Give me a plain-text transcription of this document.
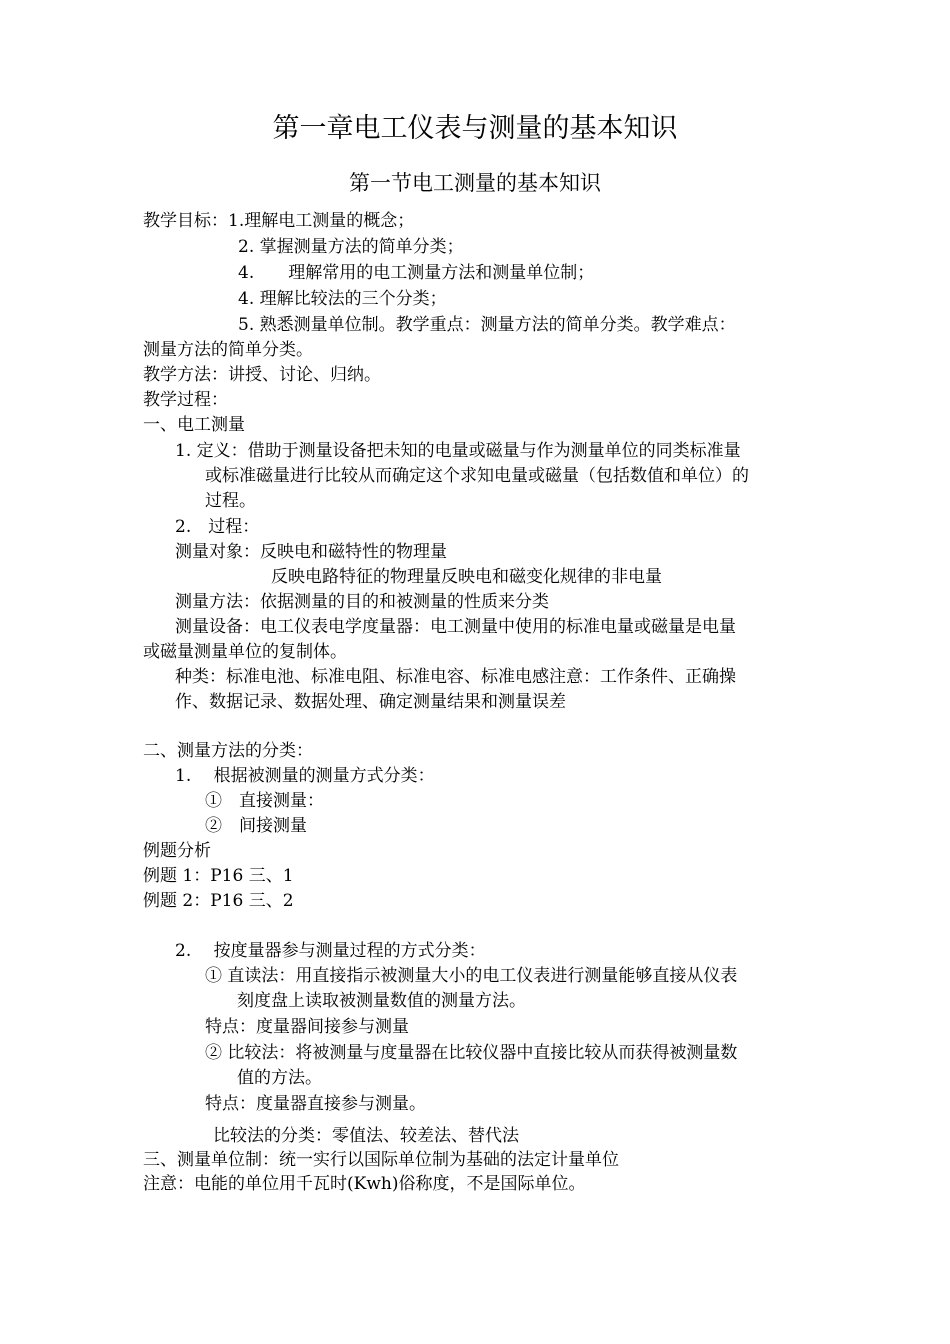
第一章电工仪表与测量的基本知识
第一节电工测量的基本知识
教学目标：1.理解电工测量的概念；
2. 掌握测量方法的简单分类；
4.　　理解常用的电工测量方法和测量单位制；
4. 理解比较法的三个分类；
5. 熟悉测量单位制。教学重点：测量方法的简单分类。教学难点：
测量方法的简单分类。
教学方法：讲授、讨论、归纳。
教学过程：
一、电工测量
1. 定义：借助于测量设备把未知的电量或磁量与作为测量单位的同类标准量
或标准磁量进行比较从而确定这个求知电量或磁量（包括数值和单位）的
过程。
2.　过程：
测量对象：反映电和磁特性的物理量
反映电路特征的物理量反映电和磁变化规律的非电量
测量方法：依据测量的目的和被测量的性质来分类
测量设备：电工仪表电学度量器：电工测量中使用的标准电量或磁量是电量
或磁量测量单位的复制体。
种类：标准电池、标准电阻、标准电容、标准电感注意：工作条件、正确操
作、数据记录、数据处理、确定测量结果和测量误差
二、测量方法的分类：
1.　 根据被测量的测量方式分类：
①　直接测量：
②　间接测量
例题分析
例题 1：P16 三、1
例题 2：P16 三、2
2.　 按度量器参与测量过程的方式分类：
① 直读法：用直接指示被测量大小的电工仪表进行测量能够直接从仪表
刻度盘上读取被测量数值的测量方法。
特点：度量器间接参与测量
② 比较法：将被测量与度量器在比较仪器中直接比较从而获得被测量数
值的方法。
特点：度量器直接参与测量。
比较法的分类：零值法、较差法、替代法
三、测量单位制：统一实行以国际单位制为基础的法定计量单位
注意：电能的单位用千瓦时(Kwh)俗称度，不是国际单位。
